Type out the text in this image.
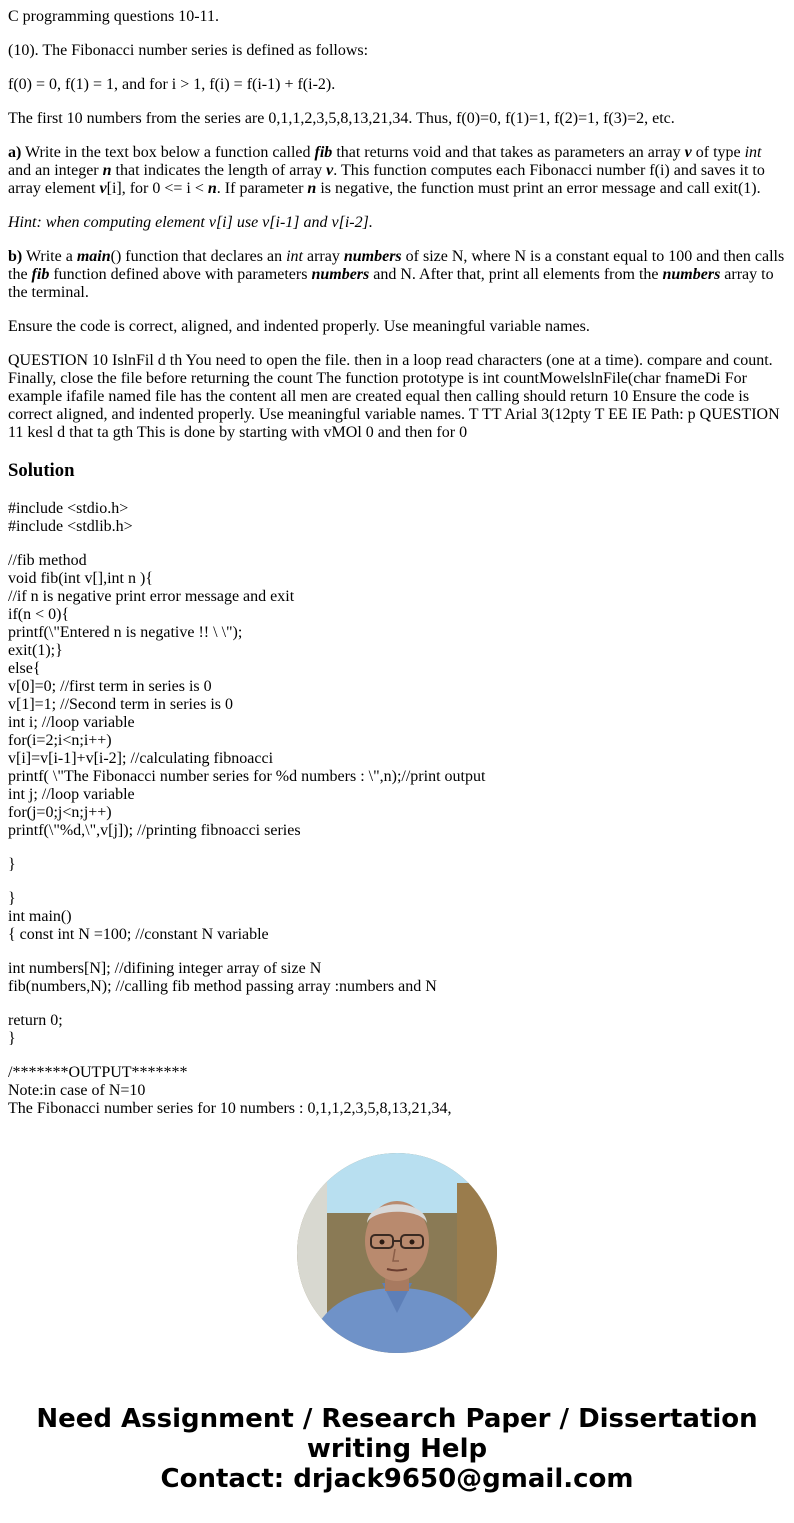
C programming questions 10-11.

(10). The Fibonacci number series is defined as follows:

f(0) = 0, f(1) = 1, and for i > 1, f(i) = f(i-1) + f(i-2).

The first 10 numbers from the series are 0,1,1,2,3,5,8,13,21,34. Thus, f(0)=0, f(1)=1, f(2)=1, f(3)=2, etc.

a) Write in the text box below a function called fib that returns void and that takes as parameters an array v of type int and an integer n that indicates the length of array v. This function computes each Fibonacci number f(i) and saves it to array element v[i], for 0 <= i < n. If parameter n is negative, the function must print an error message and call exit(1).

Hint: when computing element v[i] use v[i-1] and v[i-2].

b) Write a main() function that declares an int array numbers of size N, where N is a constant equal to 100 and then calls the fib function defined above with parameters numbers and N. After that, print all elements from the numbers array to the terminal.

Ensure the code is correct, aligned, and indented properly. Use meaningful variable names.

QUESTION 10 IslnFil d th You need to open the file. then in a loop read characters (one at a time). compare and count. Finally, close the file before returning the count The function prototype is int countMowelslnFile(char fnameDi For example ifafile named file has the content all men are created equal then calling should return 10 Ensure the code is correct aligned, and indented properly. Use meaningful variable names. T TT Arial 3(12pty T EE IE Path: p QUESTION 11 kesl d that ta gth This is done by starting with vMOl 0 and then for 0

Solution
#include <stdio.h>
#include <stdlib.h>
//fib method
void fib(int v[],int n ){
//if n is negative print error message and exit
if(n < 0){
printf(\"Entered n is negative !! \ \");
exit(1);}
else{
v[0]=0; //first term in series is 0
v[1]=1; //Second term in series is 0
int i; //loop variable
for(i=2;i<n;i++)
v[i]=v[i-1]+v[i-2]; //calculating fibnoacci
printf( \"The Fibonacci number series for %d numbers : \",n);//print output
int j; //loop variable
for(j=0;j<n;j++)
printf(\"%d,\",v[j]); //printing fibnoacci series
}
}
int main()
{ const int N =100; //constant N variable
int numbers[N]; //difining integer array of size N
fib(numbers,N); //calling fib method passing array :numbers and N
return 0;
}
/*******OUTPUT*******
Note:in case of N=10
The Fibonacci number series for 10 numbers : 0,1,1,2,3,5,8,13,21,34,
Need Assignment / Research Paper / Dissertation writing Help
Contact: drjack9650@gmail.com
